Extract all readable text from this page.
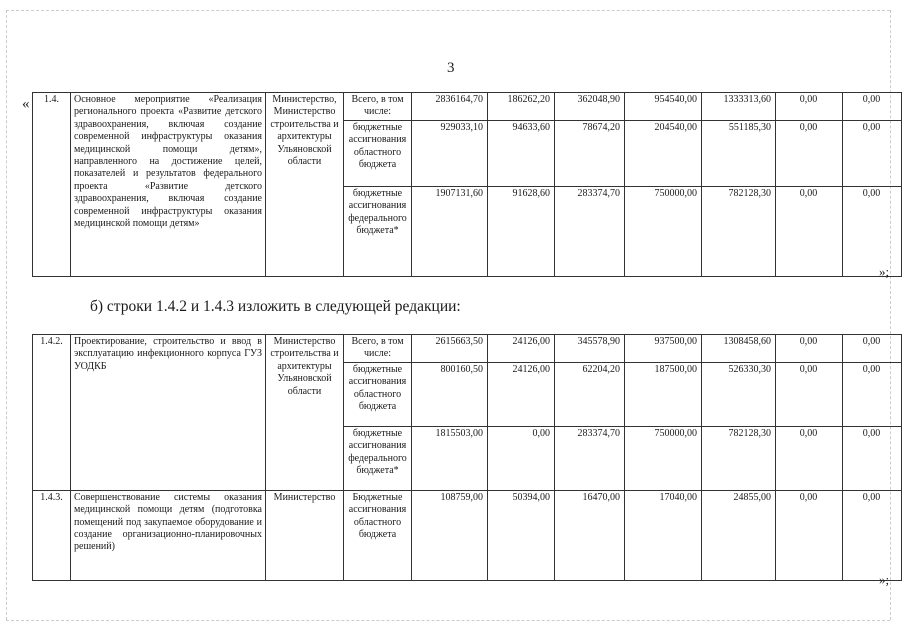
3
« 1.4.	Основное мероприятие «Реализация регионального проекта «Развитие детского здравоохранения, включая создание современной инфраструктуры оказания медицинской помощи детям», направленного на достижение целей, показателей и результатов федерального проекта «Развитие детского здравоохранения, включая создание современной инфраструктуры оказания медицинской помощи детям»	Министерство, Министерство строительства и архитектуры Ульяновской области	Всего, в том числе:	2836164,70	186262,20	362048,90	954540,00	1333313,60	0,00	0,00
			бюджетные ассигнования областного бюджета	929033,10	94633,60	78674,20	204540,00	551185,30	0,00	0,00
			бюджетные ассигнования федерального бюджета*	1907131,60	91628,60	283374,70	750000,00	782128,30	0,00	0,00
»;
б) строки 1.4.2 и 1.4.3 изложить в следующей редакции:
1.4.2.	Проектирование, строительство и ввод в эксплуатацию инфекционного корпуса ГУЗ УОДКБ	Министерство строительства и архитектуры Ульяновской области	Всего, в том числе:	2615663,50	24126,00	345578,90	937500,00	1308458,60	0,00	0,00
			бюджетные ассигнования областного бюджета	800160,50	24126,00	62204,20	187500,00	526330,30	0,00	0,00
			бюджетные ассигнования федерального бюджета*	1815503,00	0,00	283374,70	750000,00	782128,30	0,00	0,00
1.4.3.	Совершенствование системы оказания медицинской помощи детям (подготовка помещений под закупаемое оборудование и создание организационно-планировочных решений)	Министерство	Бюджетные ассигнования областного бюджета	108759,00	50394,00	16470,00	17040,00	24855,00	0,00	0,00
»;
